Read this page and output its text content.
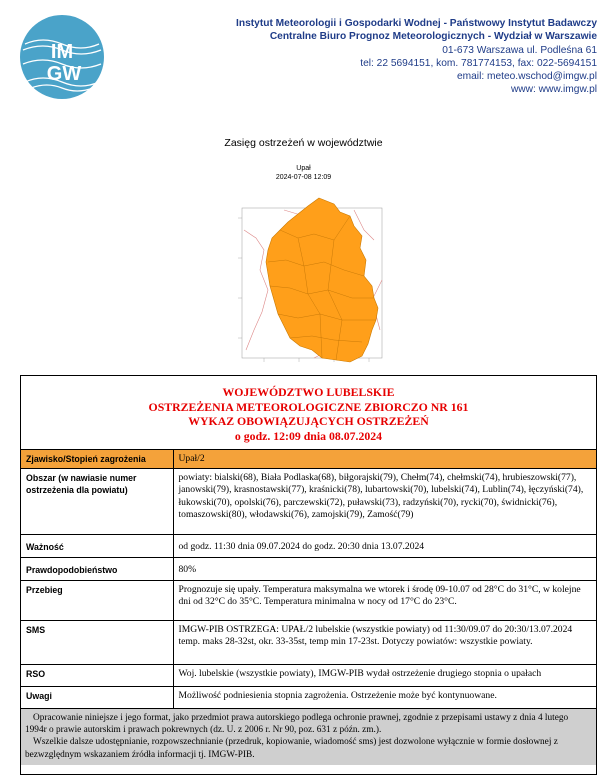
IM
GW
Instytut Meteorologii i Gospodarki Wodnej - Państwowy Instytut Badawczy
Centralne Biuro Prognoz Meteorologicznych - Wydział w Warszawie
01-673 Warszawa ul. Podleśna 61
tel: 22 5694151, kom. 781774153, fax: 022-5694151
email: meteo.wschod@imgw.pl
www: www.imgw.pl
Zasięg ostrzeżeń w województwie
Upał
2024-07-08 12:09
WOJEWÓDZTWO LUBELSKIE
OSTRZEŻENIA METEOROLOGICZNE ZBIORCZO NR 161
WYKAZ OBOWIĄZUJĄCYCH OSTRZEŻEŃ
o godz. 12:09 dnia 08.07.2024
Zjawisko/Stopień zagrożenia	Upał/2
Obszar (w nawiasie numer ostrzeżenia dla powiatu)	powiaty: bialski(68), Biała Podlaska(68), biłgorajski(79), Chełm(74), chełmski(74), hrubieszowski(77), janowski(79), krasnostawski(77), kraśnicki(78), lubartowski(70), lubelski(74), Lublin(74), łęczyński(74), łukowski(70), opolski(76), parczewski(72), puławski(73), radzyński(70), rycki(70), świdnicki(76), tomaszowski(80), włodawski(76), zamojski(79), Zamość(79)
Ważność	od godz. 11:30 dnia 09.07.2024 do godz. 20:30 dnia 13.07.2024
Prawdopodobieństwo	80%
Przebieg	Prognozuje się upały. Temperatura maksymalna we wtorek i środę 09-10.07 od 28°C do 31°C, w kolejne dni od 32°C do 35°C. Temperatura minimalna w nocy od 17°C do 23°C.
SMS	IMGW-PIB OSTRZEGA: UPAŁ/2 lubelskie (wszystkie powiaty) od 11:30/09.07 do 20:30/13.07.2024 temp. maks 28-32st, okr. 33-35st, temp min 17-23st. Dotyczy powiatów: wszystkie powiaty.
RSO	Woj. lubelskie (wszystkie powiaty), IMGW-PIB wydał ostrzeżenie drugiego stopnia o upałach
Uwagi	Możliwość podniesienia stopnia zagrożenia. Ostrzeżenie może być kontynuowane.

Opracowanie niniejsze i jego format, jako przedmiot prawa autorskiego podlega ochronie prawnej, zgodnie z przepisami ustawy z dnia 4 lutego 1994r o prawie autorskim i prawach pokrewnych (dz. U. z 2006 r. Nr 90, poz. 631 z późn. zm.).

Wszelkie dalsze udostępnianie, rozpowszechnianie (przedruk, kopiowanie, wiadomość sms) jest dozwolone wyłącznie w formie dosłownej z bezwzględnym wskazaniem źródła informacji tj. IMGW-PIB.
